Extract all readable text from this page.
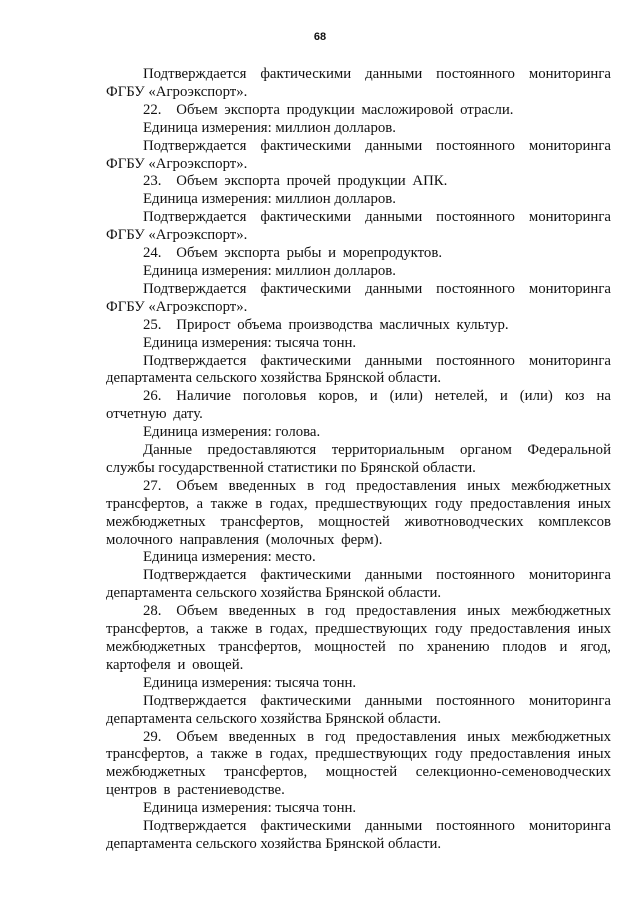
68

Подтверждается фактическими данными постоянного мониторинга ФГБУ «Агроэкспорт».

22. Объем экспорта продукции масложировой отрасли.

Единица измерения: миллион долларов.

Подтверждается фактическими данными постоянного мониторинга ФГБУ «Агроэкспорт».

23. Объем экспорта прочей продукции АПК.

Единица измерения: миллион долларов.

Подтверждается фактическими данными постоянного мониторинга ФГБУ «Агроэкспорт».

24. Объем экспорта рыбы и морепродуктов.

Единица измерения: миллион долларов.

Подтверждается фактическими данными постоянного мониторинга ФГБУ «Агроэкспорт».

25. Прирост объема производства масличных культур.

Единица измерения: тысяча тонн.

Подтверждается фактическими данными постоянного мониторинга департамента сельского хозяйства Брянской области.

26. Наличие поголовья коров, и (или) нетелей, и (или) коз на отчетную дату.

Единица измерения: голова.

Данные предоставляются территориальным органом Федеральной службы государственной статистики по Брянской области.

27. Объем введенных в год предоставления иных межбюджетных трансфертов, а также в годах, предшествующих году предоставления иных межбюджетных трансфертов, мощностей животноводческих комплексов молочного направления (молочных ферм).

Единица измерения: место.

Подтверждается фактическими данными постоянного мониторинга департамента сельского хозяйства Брянской области.

28. Объем введенных в год предоставления иных межбюджетных трансфертов, а также в годах, предшествующих году предоставления иных межбюджетных трансфертов, мощностей по хранению плодов и ягод, картофеля и овощей.

Единица измерения: тысяча тонн.

Подтверждается фактическими данными постоянного мониторинга департамента сельского хозяйства Брянской области.

29. Объем введенных в год предоставления иных межбюджетных трансфертов, а также в годах, предшествующих году предоставления иных межбюджетных трансфертов, мощностей селекционно-семеноводческих центров в растениеводстве.

Единица измерения: тысяча тонн.

Подтверждается фактическими данными постоянного мониторинга департамента сельского хозяйства Брянской области.
